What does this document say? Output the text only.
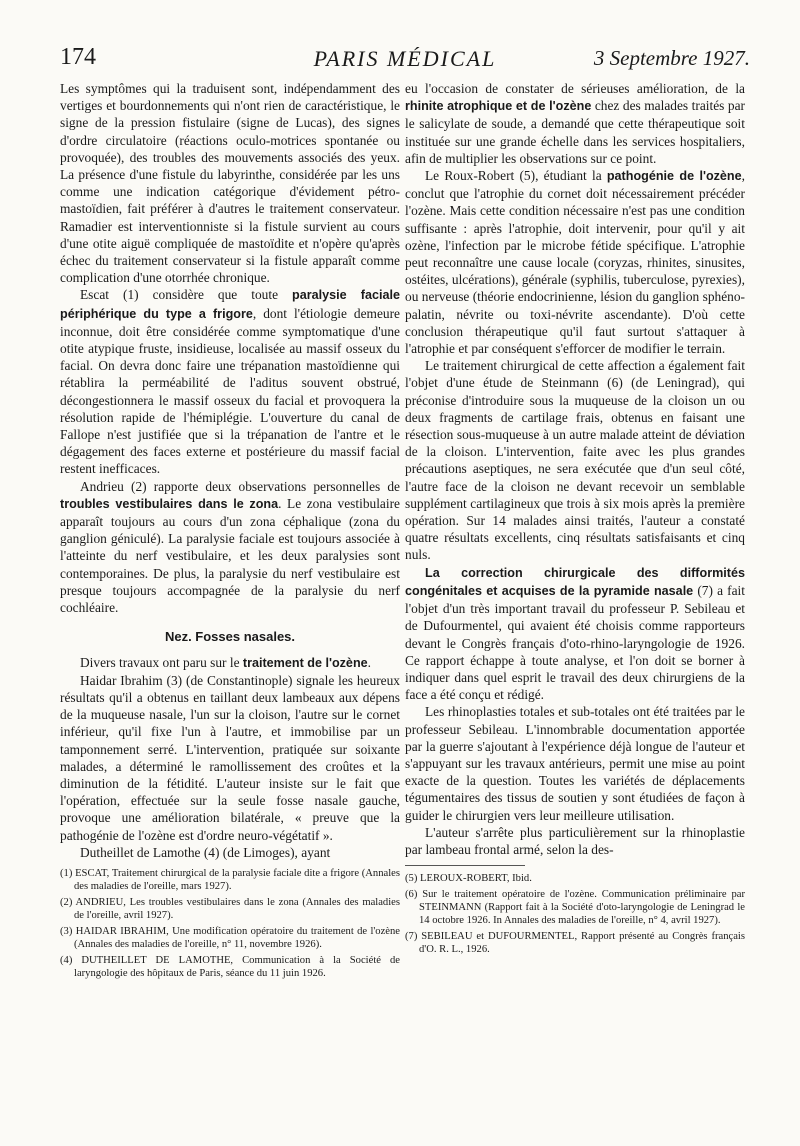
174	PARIS MÉDICAL	3 Septembre 1927.

Les symptômes qui la traduisent sont, indépendamment des vertiges et bourdonnements qui n'ont rien de caractéristique, le signe de la pression fistulaire (signe de Lucas), des signes d'ordre circulatoire (réactions oculo-motrices spontanée ou provoquée), des troubles des mouvements associés des yeux. La présence d'une fistule du labyrinthe, considérée par les uns comme une indication catégorique d'évidement pétro-mastoïdien, fait préférer à d'autres le traitement conservateur. Ramadier est interventionniste si la fistule survient au cours d'une otite aiguë compliquée de mastoïdite et n'opère qu'après échec du traitement conservateur si la fistule apparaît comme complication d'une otorrhée chronique.

Escat (1) considère que toute paralysie faciale périphérique du type a frigore, dont l'étiologie demeure inconnue, doit être considérée comme symptomatique d'une otite atypique fruste, insidieuse, localisée au massif osseux du facial. On devra donc faire une trépanation mastoïdienne qui rétablira la perméabilité de l'aditus souvent obstrué, décongestionnera le massif osseux du facial et provoquera la résolution rapide de l'hémiplégie. L'ouverture du canal de Fallope n'est justifiée que si la trépanation de l'antre et le dégagement des faces externe et postérieure du massif facial restent inefficaces.

Andrieu (2) rapporte deux observations personnelles de troubles vestibulaires dans le zona. Le zona vestibulaire apparaît toujours au cours d'un zona céphalique (zona du ganglion géniculé). La paralysie faciale est toujours associée à l'atteinte du nerf vestibulaire, et les deux paralysies sont contemporaines. De plus, la paralysie du nerf vestibulaire est presque toujours accompagnée de la paralysie du nerf cochléaire.

Nez. Fosses nasales.

Divers travaux ont paru sur le traitement de l'ozène.

Haidar Ibrahim (3) (de Constantinople) signale les heureux résultats qu'il a obtenus en taillant deux lambeaux aux dépens de la muqueuse nasale, l'un sur la cloison, l'autre sur le cornet inférieur, qu'il fixe l'un à l'autre, et immobilise par un tamponnement serré. L'intervention, pratiquée sur soixante malades, a déterminé le ramollissement des croûtes et la diminution de la fétidité. L'auteur insiste sur le fait que l'opération, effectuée sur la seule fosse nasale gauche, provoque une amélioration bilatérale, « preuve que la pathogénie de l'ozène est d'ordre neuro-végétatif ».

Dutheillet de Lamothe (4) (de Limoges), ayant

(1) ESCAT, Traitement chirurgical de la paralysie faciale dite a frigore (Annales des maladies de l'oreille, mars 1927).
(2) ANDRIEU, Les troubles vestibulaires dans le zona (Annales des maladies de l'oreille, avril 1927).
(3) HAIDAR IBRAHIM, Une modification opératoire du traitement de l'ozène (Annales des maladies de l'oreille, n° 11, novembre 1926).
(4) DUTHEILLET DE LAMOTHE, Communication à la Société de laryngologie des hôpitaux de Paris, séance du 11 juin 1926.

eu l'occasion de constater de sérieuses amélioration, de la rhinite atrophique et de l'ozène chez des malades traités par le salicylate de soude, a demandé que cette thérapeutique soit instituée sur une grande échelle dans les services hospitaliers, afin de multiplier les observations sur ce point.

Le Roux-Robert (5), étudiant la pathogénie de l'ozène, conclut que l'atrophie du cornet doit nécessairement précéder l'ozène. Mais cette condition nécessaire n'est pas une condition suffisante : après l'atrophie, doit intervenir, pour qu'il y ait ozène, l'infection par le microbe fétide spécifique. L'atrophie peut reconnaître une cause locale (coryzas, rhinites, sinusites, ostéites, ulcérations), générale (syphilis, tuberculose, pyrexies), ou nerveuse (théorie endocrinienne, lésion du ganglion sphéno-palatin, névrite ou toxi-névrite ascendante). D'où cette conclusion thérapeutique qu'il faut surtout s'attaquer à l'atrophie et par conséquent s'efforcer de modifier le terrain.

Le traitement chirurgical de cette affection a également fait l'objet d'une étude de Steinmann (6) (de Leningrad), qui préconise d'introduire sous la muqueuse de la cloison un ou deux fragments de cartilage frais, obtenus en faisant une résection sous-muqueuse à un autre malade atteint de déviation de la cloison. L'intervention, faite avec les plus grandes précautions aseptiques, ne sera exécutée que d'un seul côté, l'autre face de la cloison ne devant recevoir un semblable supplément cartilagineux que trois à six mois après la première opération. Sur 14 malades ainsi traités, l'auteur a constaté quatre résultats excellents, cinq résultats satisfaisants et cinq nuls.

La correction chirurgicale des difformités congénitales et acquises de la pyramide nasale (7) a fait l'objet d'un très important travail du professeur P. Sebileau et de Dufourmentel, qui avaient été choisis comme rapporteurs devant le Congrès français d'oto-rhino-laryngologie de 1926. Ce rapport échappe à toute analyse, et l'on doit se borner à indiquer dans quel esprit le travail des deux chirurgiens de la face a été conçu et rédigé.

Les rhinoplasties totales et sub-totales ont été traitées par le professeur Sebileau. L'innombrable documentation apportée par la guerre s'ajoutant à l'expérience déjà longue de l'auteur et s'appuyant sur les travaux antérieurs, permit une mise au point exacte de la question. Toutes les variétés de déplacements tégumentaires des tissus de soutien y sont étudiées de façon à guider le chirurgien vers leur meilleure utilisation.

L'auteur s'arrête plus particulièrement sur la rhinoplastie par lambeau frontal armé, selon la des-

(5) LEROUX-ROBERT, Ibid.
(6) Sur le traitement opératoire de l'ozène. Communication préliminaire par STEINMANN (Rapport fait à la Société d'oto-laryngologie de Leningrad le 14 octobre 1926. In Annales des maladies de l'oreille, n° 4, avril 1927).
(7) SEBILEAU et DUFOURMENTEL, Rapport présenté au Congrès français d'O. R. L., 1926.
